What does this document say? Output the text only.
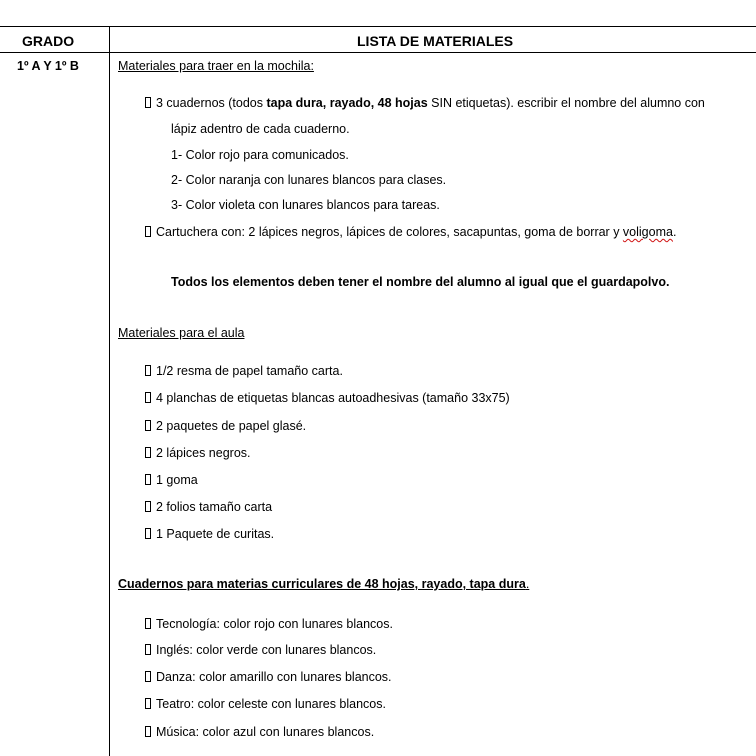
GRADO	LISTA DE MATERIALES
1º A Y 1º B	Materiales para traer en la mochila:
3 cuadernos (todos tapa dura, rayado, 48 hojas SIN etiquetas). escribir el nombre del alumno con
lápiz adentro de cada cuaderno.
1- Color rojo para comunicados.
2- Color naranja con lunares blancos para clases.
3- Color violeta con lunares blancos para tareas.
Cartuchera con: 2 lápices negros, lápices de colores, sacapuntas, goma de borrar y voligoma.
Todos los elementos deben tener el nombre del alumno al igual que el guardapolvo.
Materiales para el aula
1/2 resma de papel tamaño carta.
4 planchas de etiquetas blancas autoadhesivas (tamaño 33x75)
2 paquetes de papel glasé.
2 lápices negros.
1 goma
2 folios tamaño carta
1 Paquete de curitas.
Cuadernos para materias curriculares de 48 hojas, rayado, tapa dura.
Tecnología: color rojo con lunares blancos.
Inglés: color verde con lunares blancos.
Danza: color amarillo con lunares blancos.
Teatro: color celeste con lunares blancos.
Música: color azul con lunares blancos.
